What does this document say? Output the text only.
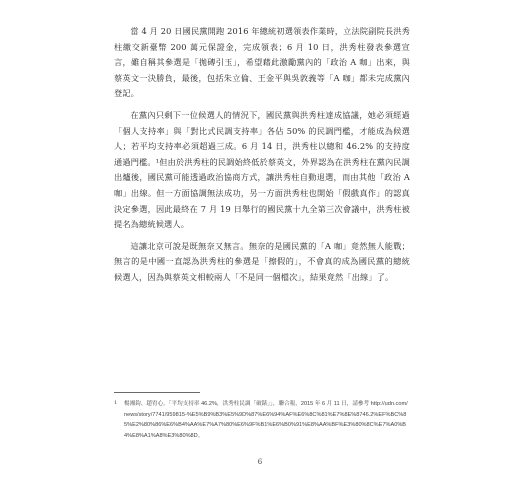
當 4 月 20 日國民黨開跑 2016 年總統初選領表作業時，立法院副院長洪秀柱繳交新臺幣 200 萬元保證金，完成領表；6 月 10 日，洪秀柱發表參選宣言，雖自稱其參選是「拋磚引玉」，希望藉此激勵黨內的「政治 A 咖」出來，與蔡英文一決勝負，最後，包括朱立倫、王金平與吳敦義等「A 咖」都未完成黨內登記。

在黨內只剩下一位候選人的情況下，國民黨與洪秀柱達成協議，她必須經過「個人支持率」與「對比式民調支持率」各佔 50% 的民調門檻，才能成為候選人；若平均支持率必須超過三成。6 月 14 日，洪秀柱以總和 46.2% 的支持度通過門檻。¹但由於洪秀柱的民調始終低於蔡英文，外界認為在洪秀柱在黨內民調出爐後，國民黨可能透過政治協商方式，讓洪秀柱自動退選，而由其他「政治 A 咖」出線。但一方面協調無法成功，另一方面洪秀柱也開始「假戲真作」的認真決定參選，因此最終在 7 月 19 日舉行的國民黨十九全第三次會議中，洪秀柱被提名為總統候選人。

這讓北京可說是既無奈又無言。無奈的是國民黨的「A 咖」竟然無人能戰；無言的是中國一直認為洪秀柱的參選是「擦假的」，不會真的成為國民黨的總統候選人，因為與蔡英文相較兩人「不是同一個檔次」，結果竟然「出線」了。

1	楊湘鈞、趙宥心，「平均支持率 46.2%，洪秀柱民調「破錶」」，聯合報，2015 年 6 月 11 日，請參考 http://udn.com/news/story/7741/959815-%E5%B9%B3%E5%9D%87%E6%94%AF%E6%8C%81%E7%8E%8746.2%EF%BC%85%E2%80%86%E6%B4%AA%E7%A7%80%E6%9F%B1%E6%B0%91%E8%AA%BF%E3%80%8C%E7%A0%B4%E8%A1%A8%E3%80%8D。
6
